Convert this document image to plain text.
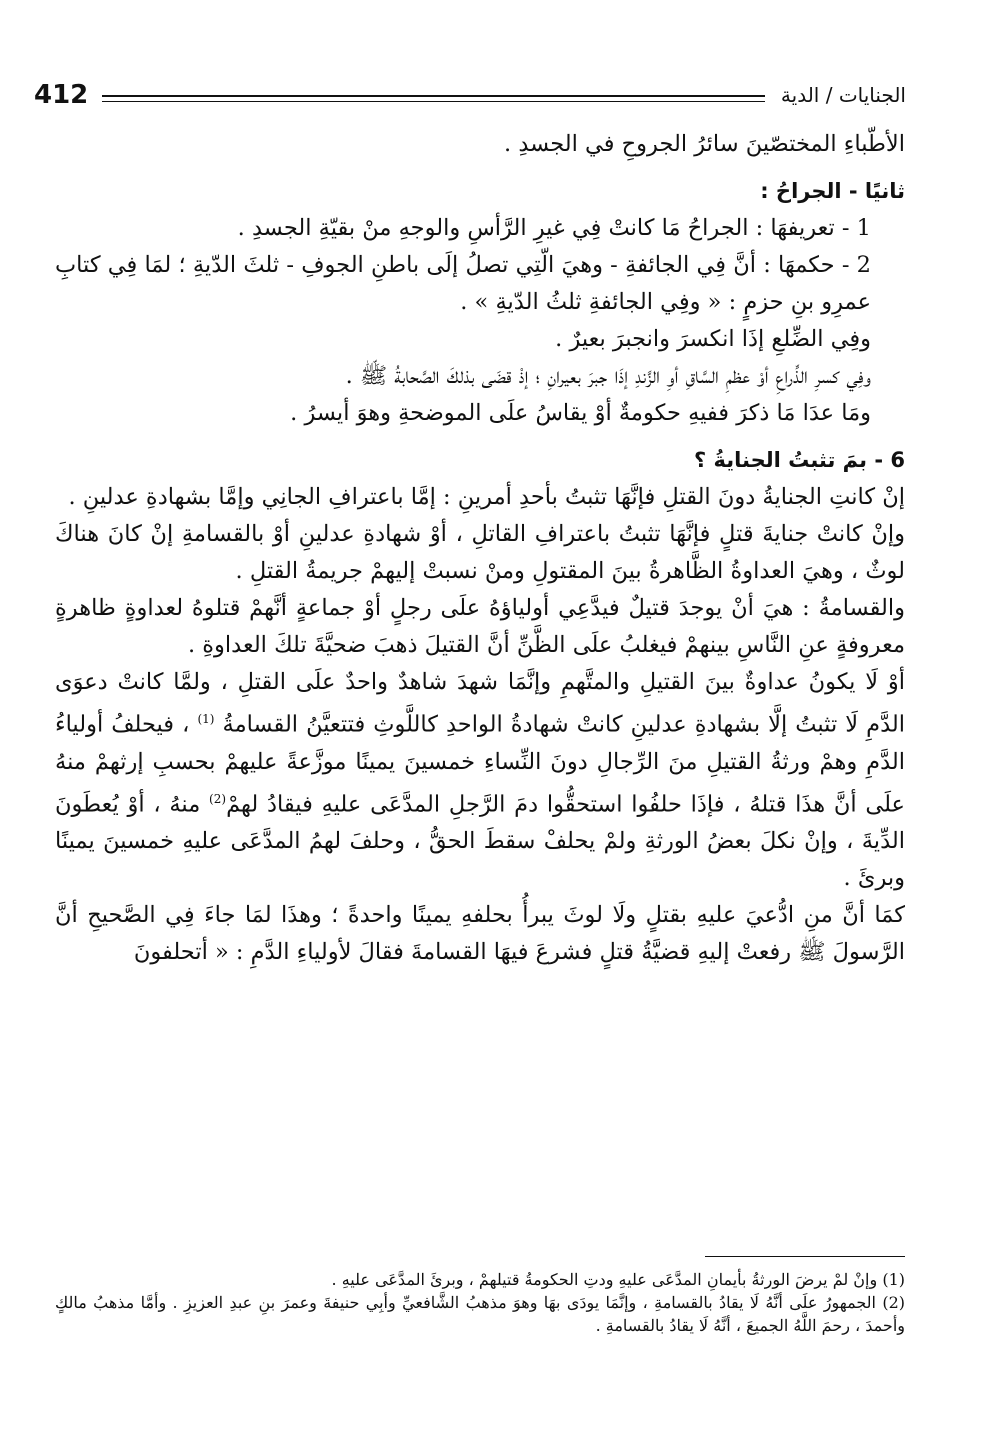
412	الجنايات / الدية

الأطّباءِ المختصّينَ سائرُ الجروحِ في الجسدِ .

ثانيًا - الجراحُ :

1 - تعريفهَا : الجراحُ مَا كانتْ فِي غيرِ الرَّأسِ والوجهِ منْ بقيّةِ الجسدِ .

2 - حكمهَا : أنَّ فِي الجائفةِ - وهيَ الّتِي تصلُ إلَى باطنِ الجوفِ - ثلثَ الدّيةِ ؛ لمَا فِي كتابِ عمرِو بنِ حزمٍ : « وفِي الجائفةِ ثلثُ الدّيةِ » .

وفِي الضِّلعِ إذَا انكسرَ وانجبرَ بعيرٌ .

وفِي كسرِ الذِّراعِ أوْ عظمِ السَّاقِ أوِ الزَّندِ إذَا جبرَ بعيرانِ ؛ إذْ قضَى بذلكَ الصَّحابةُ ﷺ .

ومَا عدَا مَا ذكرَ ففيهِ حكومةٌ أوْ يقاسُ علَى الموضحةِ وهوَ أيسرُ .

6 - بمَ تثبتُ الجنايةُ ؟

إنْ كانتِ الجنايةُ دونَ القتلِ فإنَّهَا تثبتُ بأحدِ أمرينِ : إمَّا باعترافِ الجانِي وإمَّا بشهادةِ عدلينِ .

وإنْ كانتْ جنايةَ قتلٍ فإنَّهَا تثبتُ باعترافِ القاتلِ ، أوْ شهادةِ عدلينِ أوْ بالقسامةِ إنْ كانَ هناكَ لوثٌ ، وهيَ العداوةُ الظَّاهرةُ بينَ المقتولِ ومنْ نسبتْ إليهمْ جريمةُ القتلِ .

والقسامةُ : هيَ أنْ يوجدَ قتيلٌ فيدَّعِي أولياؤهُ علَى رجلٍ أوْ جماعةٍ أنَّهمْ قتلوهُ لعداوةٍ ظاهرةٍ معروفةٍ عنِ النَّاسِ بينهمْ فيغلبُ علَى الظَّنِّ أنَّ القتيلَ ذهبَ ضحيَّةَ تلكَ العداوةِ .

أوْ لَا يكونُ عداوةٌ بينَ القتيلِ والمتَّهمِ وإنَّمَا شهدَ شاهدٌ واحدٌ علَى القتلِ ، ولمَّا كانتْ دعوَى الدَّمِ لَا تثبتُ إلَّا بشهادةِ عدلينِ كانتْ شهادةُ الواحدِ كاللَّوثِ فتتعيَّنُ القسامةُ $^{(1)}$ ، فيحلفُ أولياءُ الدَّمِ وهمْ ورثةُ القتيلِ منَ الرِّجالِ دونَ النِّساءِ خمسينَ يمينًا موزَّعةً عليهمْ بحسبِ إرثهمْ منهُ علَى أنَّ هذَا قتلهُ ، فإذَا حلفُوا استحقُّوا دمَ الرَّجلِ المدَّعَى عليهِ فيقادُ لهمْ$^{(2)}$ منهُ ، أوْ يُعطَونَ الدِّيةَ ، وإنْ نكلَ بعضُ الورثةِ ولمْ يحلفْ سقطَ الحقُّ ، وحلفَ لهمُ المدَّعَى عليهِ خمسينَ يمينًا وبرئَ .

كمَا أنَّ منِ ادُّعيَ عليهِ بقتلٍ ولَا لوثَ يبرأُ بحلفهِ يمينًا واحدةً ؛ وهذَا لمَا جاءَ فِي الصَّحيحِ أنَّ الرَّسولَ ﷺ رفعتْ إليهِ قضيَّةُ قتلٍ فشرعَ فيهَا القسامةَ فقالَ لأولياءِ الدَّمِ : « أتحلفونَ

(1) وإنْ لمْ يرضَ الورثةُ بأيمانِ المدَّعَى عليهِ ودتِ الحكومةُ قتيلهمْ ، وبرئَ المدَّعَى عليهِ .

(2) الجمهورُ علَى أنَّهُ لَا يقادُ بالقسامةِ ، وإنَّمَا يودَى بهَا وهوَ مذهبُ الشَّافعيِّ وأبِي حنيفةَ وعمرَ بنِ عبدِ العزيزِ . وأمَّا مذهبُ مالكٍ وأحمدَ ، رحمَ اللَّهُ الجميعَ ، أنَّهُ لَا يقادُ بالقسامةِ .
